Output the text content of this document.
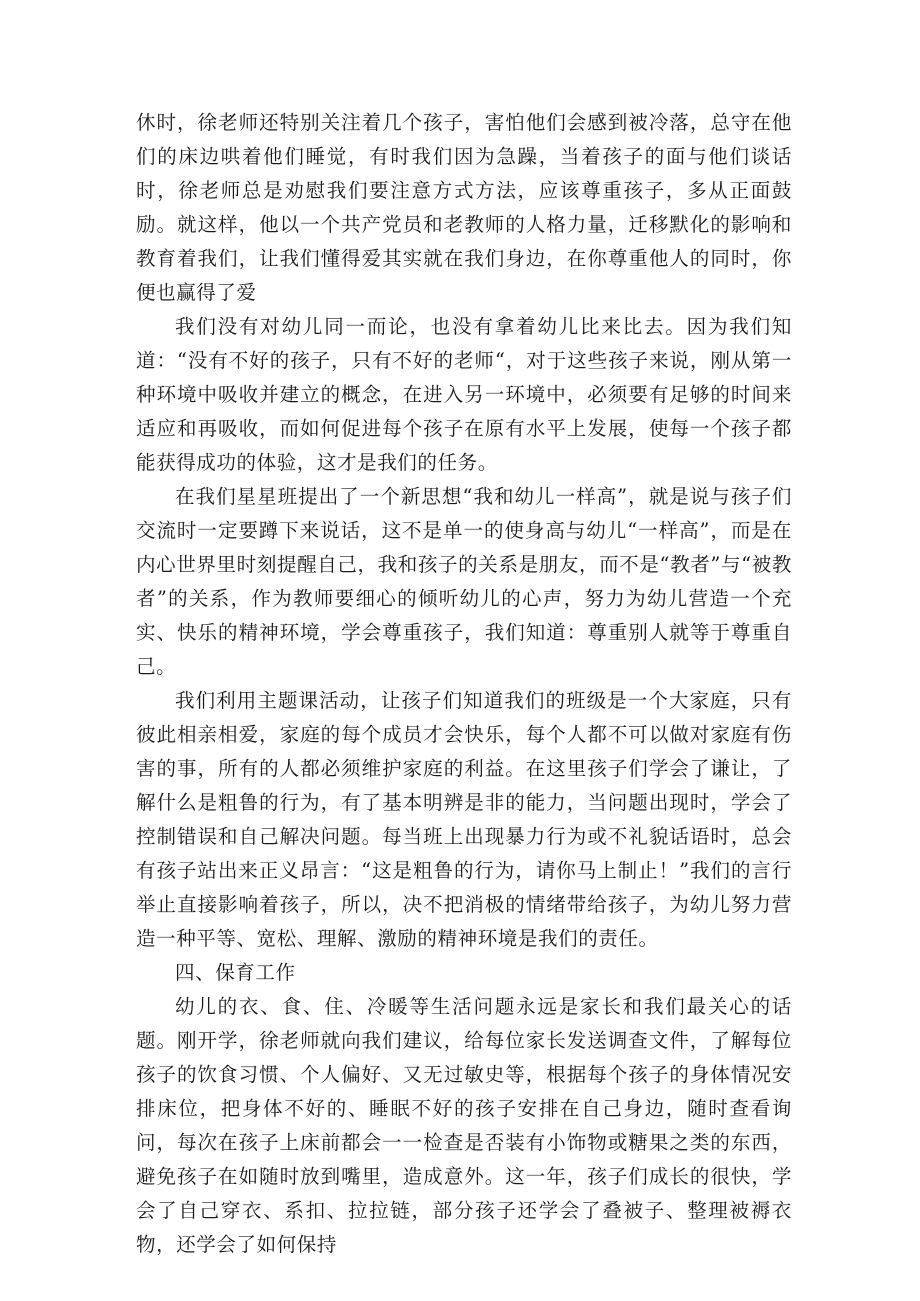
休时，徐老师还特别关注着几个孩子，害怕他们会感到被冷落，总守在他们的床边哄着他们睡觉，有时我们因为急躁，当着孩子的面与他们谈话时，徐老师总是劝慰我们要注意方式方法，应该尊重孩子，多从正面鼓励。就这样，他以一个共产党员和老教师的人格力量，迁移默化的影响和教育着我们，让我们懂得爱其实就在我们身边，在你尊重他人的同时，你便也赢得了爱

我们没有对幼儿同一而论，也没有拿着幼儿比来比去。因为我们知道：“没有不好的孩子，只有不好的老师“，对于这些孩子来说，刚从第一种环境中吸收并建立的概念，在进入另一环境中，必须要有足够的时间来适应和再吸收，而如何促进每个孩子在原有水平上发展，使每一个孩子都能获得成功的体验，这才是我们的任务。

在我们星星班提出了一个新思想“我和幼儿一样高”，就是说与孩子们交流时一定要蹲下来说话，这不是单一的使身高与幼儿“一样高”，而是在内心世界里时刻提醒自己，我和孩子的关系是朋友，而不是“教者”与“被教者”的关系，作为教师要细心的倾听幼儿的心声，努力为幼儿营造一个充实、快乐的精神环境，学会尊重孩子，我们知道：尊重别人就等于尊重自己。

我们利用主题课活动，让孩子们知道我们的班级是一个大家庭，只有彼此相亲相爱，家庭的每个成员才会快乐，每个人都不可以做对家庭有伤害的事，所有的人都必须维护家庭的利益。在这里孩子们学会了谦让，了解什么是粗鲁的行为，有了基本明辨是非的能力，当问题出现时，学会了控制错误和自己解决问题。每当班上出现暴力行为或不礼貌话语时，总会有孩子站出来正义昂言：“这是粗鲁的行为，请你马上制止！”我们的言行举止直接影响着孩子，所以，决不把消极的情绪带给孩子，为幼儿努力营造一种平等、宽松、理解、激励的精神环境是我们的责任。

四、保育工作

幼儿的衣、食、住、冷暖等生活问题永远是家长和我们最关心的话题。刚开学，徐老师就向我们建议，给每位家长发送调查文件，了解每位孩子的饮食习惯、个人偏好、又无过敏史等，根据每个孩子的身体情况安排床位，把身体不好的、睡眠不好的孩子安排在自己身边，随时查看询问，每次在孩子上床前都会一一检查是否装有小饰物或糖果之类的东西，避免孩子在如随时放到嘴里，造成意外。这一年，孩子们成长的很快，学会了自己穿衣、系扣、拉拉链，部分孩子还学会了叠被子、整理被褥衣物，还学会了如何保持
